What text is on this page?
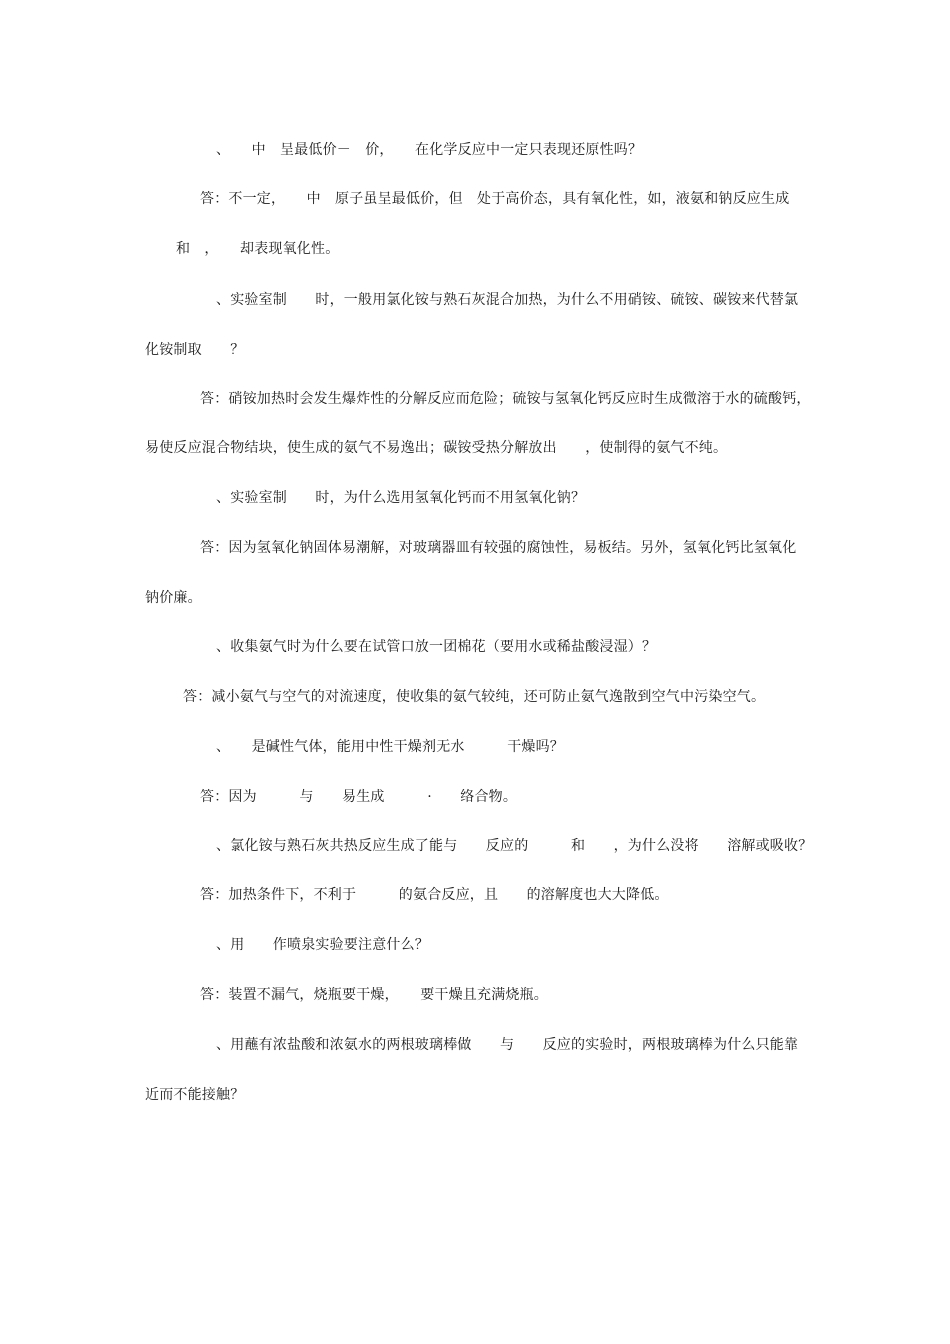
、　　中　呈最低价－　价，　　在化学反应中一定只表现还原性吗？
答：不一定，　　中　原子虽呈最低价，但　处于高价态，具有氧化性，如，液氨和钠反应生成
和　，　　却表现氧化性。
、实验室制　　时，一般用氯化铵与熟石灰混合加热，为什么不用硝铵、硫铵、碳铵来代替氯
化铵制取　　？
答：硝铵加热时会发生爆炸性的分解反应而危险；硫铵与氢氧化钙反应时生成微溶于水的硫酸钙，
易使反应混合物结块，使生成的氨气不易逸出；碳铵受热分解放出　　，使制得的氨气不纯。
、实验室制　　时，为什么选用氢氧化钙而不用氢氧化钠？
答：因为氢氧化钠固体易潮解，对玻璃器皿有较强的腐蚀性，易板结。另外，氢氧化钙比氢氧化
钠价廉。
、收集氨气时为什么要在试管口放一团棉花（要用水或稀盐酸浸湿）？
答：减小氨气与空气的对流速度，使收集的氨气较纯，还可防止氨气逸散到空气中污染空气。
、　　是碱性气体，能用中性干燥剂无水　　　干燥吗？
答：因为　　　与　　易生成　　　·　　络合物。
、氯化铵与熟石灰共热反应生成了能与　　反应的　　　和　　，为什么没将　　溶解或吸收？
答：加热条件下，不利于　　　的氨合反应，且　　的溶解度也大大降低。
、用　　作喷泉实验要注意什么？
答：装置不漏气，烧瓶要干燥，　　要干燥且充满烧瓶。
、用蘸有浓盐酸和浓氨水的两根玻璃棒做　　与　　反应的实验时，两根玻璃棒为什么只能靠
近而不能接触？
